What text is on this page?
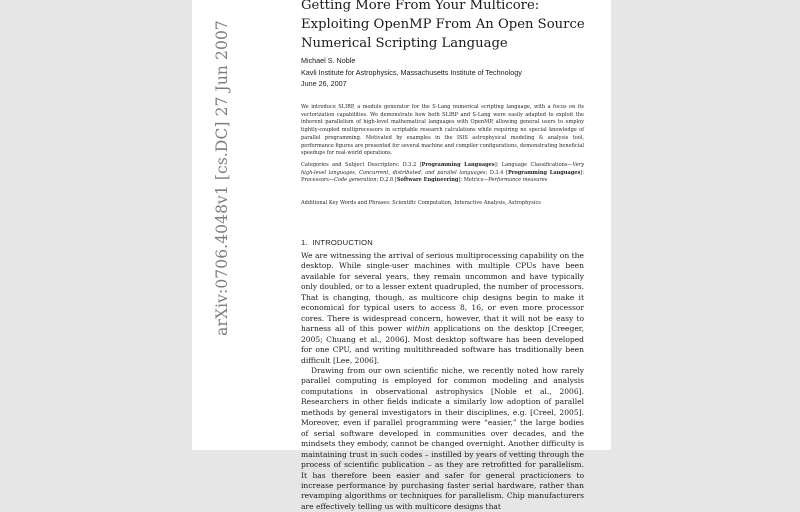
arXiv:0706.4048v1 [cs.DC] 27 Jun 2007
Getting More From Your Multicore: Exploiting OpenMP From An Open Source Numerical Scripting Language
Michael S. Noble
Kavli Institute for Astrophysics, Massachusetts Institute of Technology
June 26, 2007
We introduce SLIRP, a module generator for the S-Lang numerical scripting language, with a focus on its vectorization capabilities. We demonstrate how both SLIRP and S-Lang were easily adapted to exploit the inherent parallelism of high-level mathematical languages with OpenMP, allowing general users to employ tightly-coupled multiprocessors in scriptable research calculations while requiring no special knowledge of parallel programming. Motivated by examples in the ISIS astrophysical modeling & analysis tool, performance figures are presented for several machine and compiler configurations, demonstrating beneficial speedups for real-world operations.
Categories and Subject Descriptors: D.3.2 [Programming Languages]: Language Classifications—Very high-level languages, Concurrent, distributed, and parallel languages; D.3.4 [Programming Languages]: Processors—Code generation; D.2.8 [Software Engineering]: Metrics—Performance measures
Additional Key Words and Phrases: Scientific Computation, Interactive Analysis, Astrophysics
1. INTRODUCTION

We are witnessing the arrival of serious multiprocessing capability on the desktop. While single-user machines with multiple CPUs have been available for several years, they remain uncommon and have typically only doubled, or to a lesser extent quadrupled, the number of processors. That is changing, though, as multicore chip designs begin to make it economical for typical users to access 8, 16, or even more processor cores. There is widespread concern, however, that it will not be easy to harness all of this power within applications on the desktop [Creeger, 2005; Chuang et al., 2006]. Most desktop software has been developed for one CPU, and writing multithreaded software has traditionally been difficult [Lee, 2006].

Drawing from our own scientific niche, we recently noted how rarely parallel computing is employed for common modeling and analysis computations in observational astrophysics [Noble et al., 2006]. Researchers in other fields indicate a similarly low adoption of parallel methods by general investigators in their disciplines, e.g. [Creel, 2005]. Moreover, even if parallel programming were “easier,” the large bodies of serial software developed in communities over decades, and the mindsets they embody, cannot be changed overnight. Another difficulty is maintaining trust in such codes – instilled by years of vetting through the process of scientific publication – as they are retrofitted for parallelism. It has therefore been easier and safer for general practicioners to increase performance by purchasing faster serial hardware, rather than revamping algorithms or techniques for parallelism. Chip manufacturers are effectively telling us with multicore designs that
